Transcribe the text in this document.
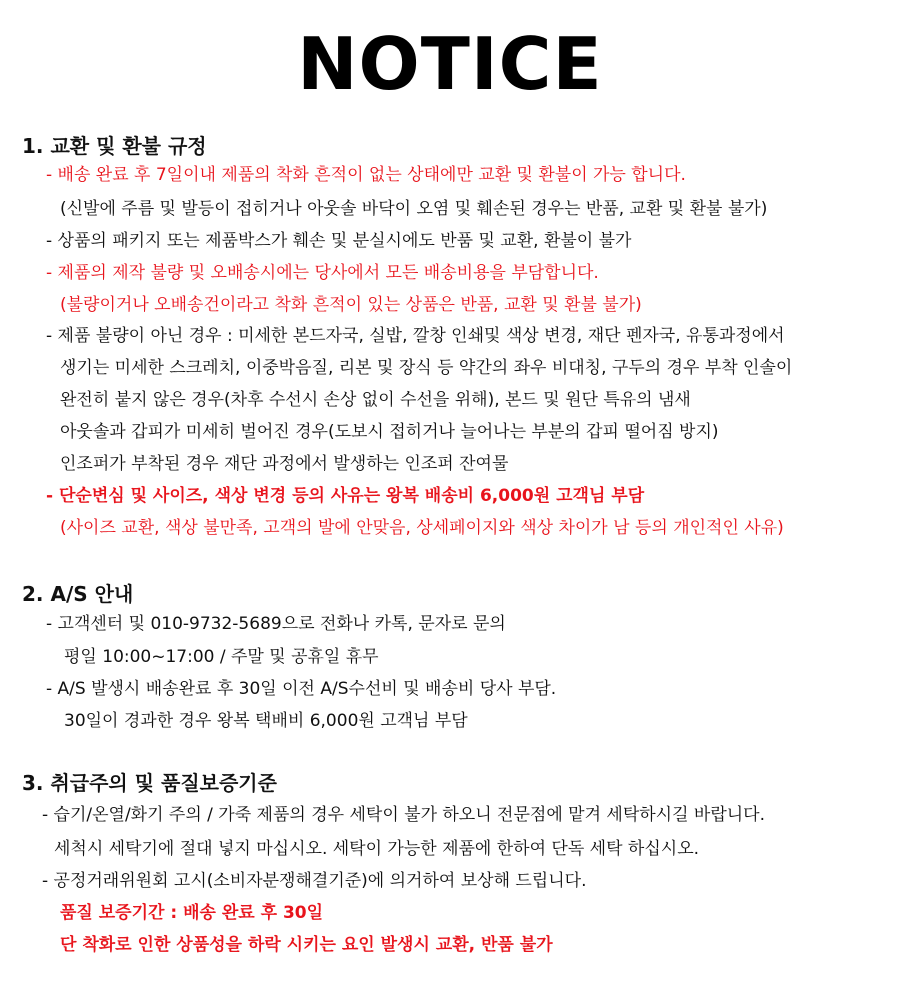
NOTICE
1. 교환 및 환불 규정
- 배송 완료 후 7일이내 제품의 착화 흔적이 없는 상태에만 교환 및 환불이 가능 합니다.
(신발에 주름 및 발등이 접히거나 아웃솔 바닥이 오염 및 훼손된 경우는 반품, 교환 및 환불 불가)
- 상품의 패키지 또는 제품박스가 훼손 및 분실시에도 반품 및 교환, 환불이 불가
- 제품의 제작 불량 및 오배송시에는 당사에서 모든 배송비용을 부담합니다.
(불량이거나 오배송건이라고 착화 흔적이 있는 상품은 반품, 교환 및 환불 불가)
- 제품 불량이 아닌 경우 : 미세한 본드자국, 실밥, 깔창 인쇄및 색상 변경, 재단 펜자국, 유통과정에서
생기는 미세한 스크레치, 이중박음질, 리본 및 장식 등 약간의 좌우 비대칭, 구두의 경우 부착 인솔이
완전히 붙지 않은 경우(차후 수선시 손상 없이 수선을 위해), 본드 및 원단 특유의 냄새
아웃솔과 갑피가 미세히 벌어진 경우(도보시 접히거나 늘어나는 부분의 갑피 떨어짐 방지)
인조퍼가 부착된 경우 재단 과정에서 발생하는 인조퍼 잔여물
- 단순변심 및 사이즈, 색상 변경 등의 사유는 왕복 배송비 6,000원 고객님 부담
(사이즈 교환, 색상 불만족, 고객의 발에 안맞음, 상세페이지와 색상 차이가 남 등의 개인적인 사유)
2. A/S 안내
- 고객센터 및 010-9732-5689으로 전화나 카톡, 문자로 문의
평일 10:00~17:00 / 주말 및 공휴일 휴무
- A/S 발생시 배송완료 후 30일 이전 A/S수선비 및 배송비 당사 부담.
30일이 경과한 경우 왕복 택배비 6,000원 고객님 부담
3. 취급주의 및 품질보증기준
- 습기/온열/화기 주의 / 가죽 제품의 경우 세탁이 불가 하오니 전문점에 맡겨 세탁하시길 바랍니다.
세척시 세탁기에 절대 넣지 마십시오. 세탁이 가능한 제품에 한하여 단독 세탁 하십시오.
- 공정거래위원회 고시(소비자분쟁해결기준)에 의거하여 보상해 드립니다.
품질 보증기간 : 배송 완료 후 30일
단 착화로 인한 상품성을 하락 시키는 요인 발생시 교환, 반품 불가
